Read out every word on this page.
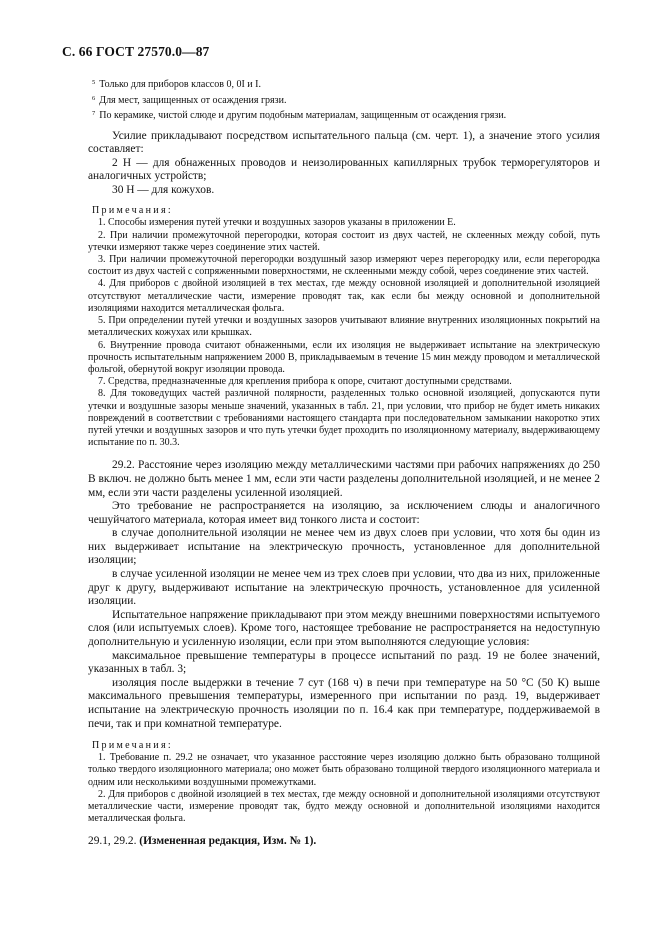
С. 66 ГОСТ 27570.0—87

$^5$ Только для приборов классов 0, 0I и I.

$^6$ Для мест, защищенных от осаждения грязи.

$^7$ По керамике, чистой слюде и другим подобным материалам, защищенным от осаждения грязи.

Усилие прикладывают посредством испытательного пальца (см. черт. 1), а значение этого усилия составляет:

2 Н — для обнаженных проводов и неизолированных капиллярных трубок терморегуляторов и аналогичных устройств;

30 Н — для кожухов.

Примечания:

1. Способы измерения путей утечки и воздушных зазоров указаны в приложении Е.

2. При наличии промежуточной перегородки, которая состоит из двух частей, не склеенных между собой, путь утечки измеряют также через соединение этих частей.

3. При наличии промежуточной перегородки воздушный зазор измеряют через перегородку или, если перегородка состоит из двух частей с сопряженными поверхностями, не склеенными между собой, через соединение этих частей.

4. Для приборов с двойной изоляцией в тех местах, где между основной изоляцией и дополнительной изоляцией отсутствуют металлические части, измерение проводят так, как если бы между основной и дополнительной изоляциями находится металлическая фольга.

5. При определении путей утечки и воздушных зазоров учитывают влияние внутренних изоляционных покрытий на металлических кожухах или крышках.

6. Внутренние провода считают обнаженными, если их изоляция не выдерживает испытание на электрическую прочность испытательным напряжением 2000 В, прикладываемым в течение 15 мин между проводом и металлической фольгой, обернутой вокруг изоляции провода.

7. Средства, предназначенные для крепления прибора к опоре, считают доступными средствами.

8. Для токоведущих частей различной полярности, разделенных только основной изоляцией, допускаются пути утечки и воздушные зазоры меньше значений, указанных в табл. 21, при условии, что прибор не будет иметь никаких повреждений в соответствии с требованиями настоящего стандарта при последовательном замыкании накоротко этих путей утечки и воздушных зазоров и что путь утечки будет проходить по изоляционному материалу, выдерживающему испытание по п. 30.3.

29.2. Расстояние через изоляцию между металлическими частями при рабочих напряжениях до 250 В включ. не должно быть менее 1 мм, если эти части разделены дополнительной изоляцией, и не менее 2 мм, если эти части разделены усиленной изоляцией.

Это требование не распространяется на изоляцию, за исключением слюды и аналогичного чешуйчатого материала, которая имеет вид тонкого листа и состоит:

в случае дополнительной изоляции не менее чем из двух слоев при условии, что хотя бы один из них выдерживает испытание на электрическую прочность, установленное для дополнительной изоляции;

в случае усиленной изоляции не менее чем из трех слоев при условии, что два из них, приложенные друг к другу, выдерживают испытание на электрическую прочность, установленное для усиленной изоляции.

Испытательное напряжение прикладывают при этом между внешними поверхностями испытуемого слоя (или испытуемых слоев). Кроме того, настоящее требование не распространяется на недоступную дополнительную и усиленную изоляции, если при этом выполняются следующие условия:

максимальное превышение температуры в процессе испытаний по разд. 19 не более значений, указанных в табл. 3;

изоляция после выдержки в течение 7 сут (168 ч) в печи при температуре на 50 °С (50 К) выше максимального превышения температуры, измеренного при испытании по разд. 19, выдерживает испытание на электрическую прочность изоляции по п. 16.4 как при температуре, поддерживаемой в печи, так и при комнатной температуре.

Примечания:

1. Требование п. 29.2 не означает, что указанное расстояние через изоляцию должно быть образовано толщиной только твердого изоляционного материала; оно может быть образовано толщиной твердого изоляционного материала и одним или несколькими воздушными промежутками.

2. Для приборов с двойной изоляцией в тех местах, где между основной и дополнительной изоляциями отсутствуют металлические части, измерение проводят так, будто между основной и дополнительной изоляциями находится металлическая фольга.

29.1, 29.2. (Измененная редакция, Изм. № 1).
